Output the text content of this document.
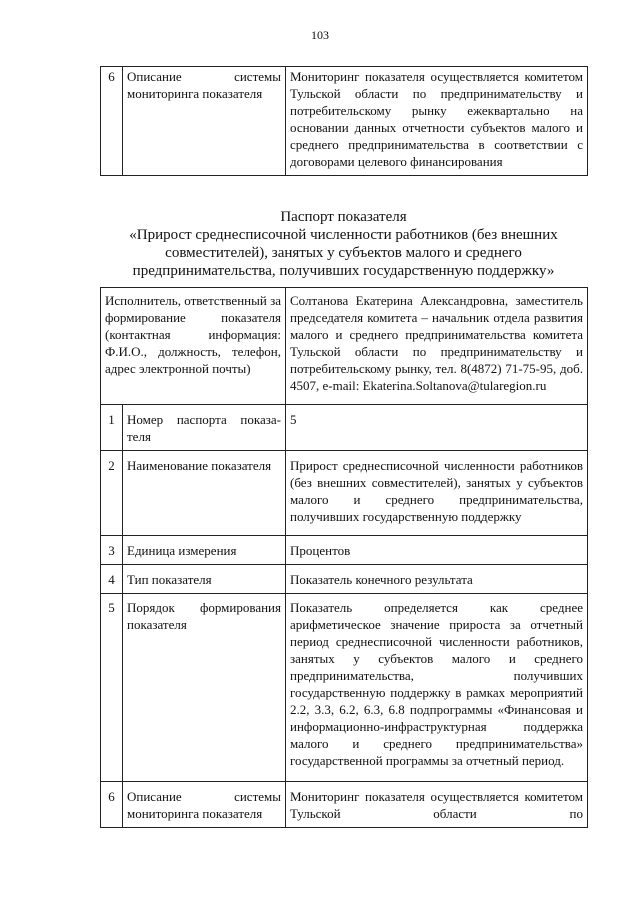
103
6	Описание системы мониторинга показателя	Мониторинг показателя осуществляется комитетом Тульской области по предпринимательству и потребительскому рынку ежеквартально на основании данных отчетности субъектов малого и среднего предпринимательства в соответствии с договорами целевого финансирования
Паспорт показателя
«Прирост среднесписочной численности работников (без внешних
совместителей), занятых у субъектов малого и среднего
предпринимательства, получивших государственную поддержку»
Исполнитель, ответственный за формирование показателя (контактная информация: Ф.И.О., должность, телефон, адрес электронной почты)		Солтанова Екатерина Александровна, заместитель председателя комитета – начальник отдела развития малого и среднего предпринимательства комитета Тульской области по предпринимательству и потребительскому рынку, тел. 8(4872) 71-75-95, доб. 4507, e-mail: Ekaterina.Soltanova@tularegion.ru
1	Номер паспорта показа-теля	5
2	Наименование показателя	Прирост среднесписочной численности работников (без внешних совместителей), занятых у субъектов малого и среднего предпринимательства, получивших государственную поддержку
3	Единица измерения	Процентов
4	Тип показателя	Показатель конечного результата
5	Порядок формирования показателя	Показатель определяется как среднее арифметическое значение прироста за отчетный период среднесписочной численности работников, занятых у субъектов малого и среднего предпринимательства, получивших государственную поддержку в рамках мероприятий 2.2, 3.3, 6.2, 6.3, 6.8 подпрограммы «Финансовая и информационно-инфраструктурная поддержка малого и среднего предпринимательства» государственной программы за отчетный период.
6	Описание системы мониторинга показателя	Мониторинг показателя осуществляется комитетом Тульской области по
